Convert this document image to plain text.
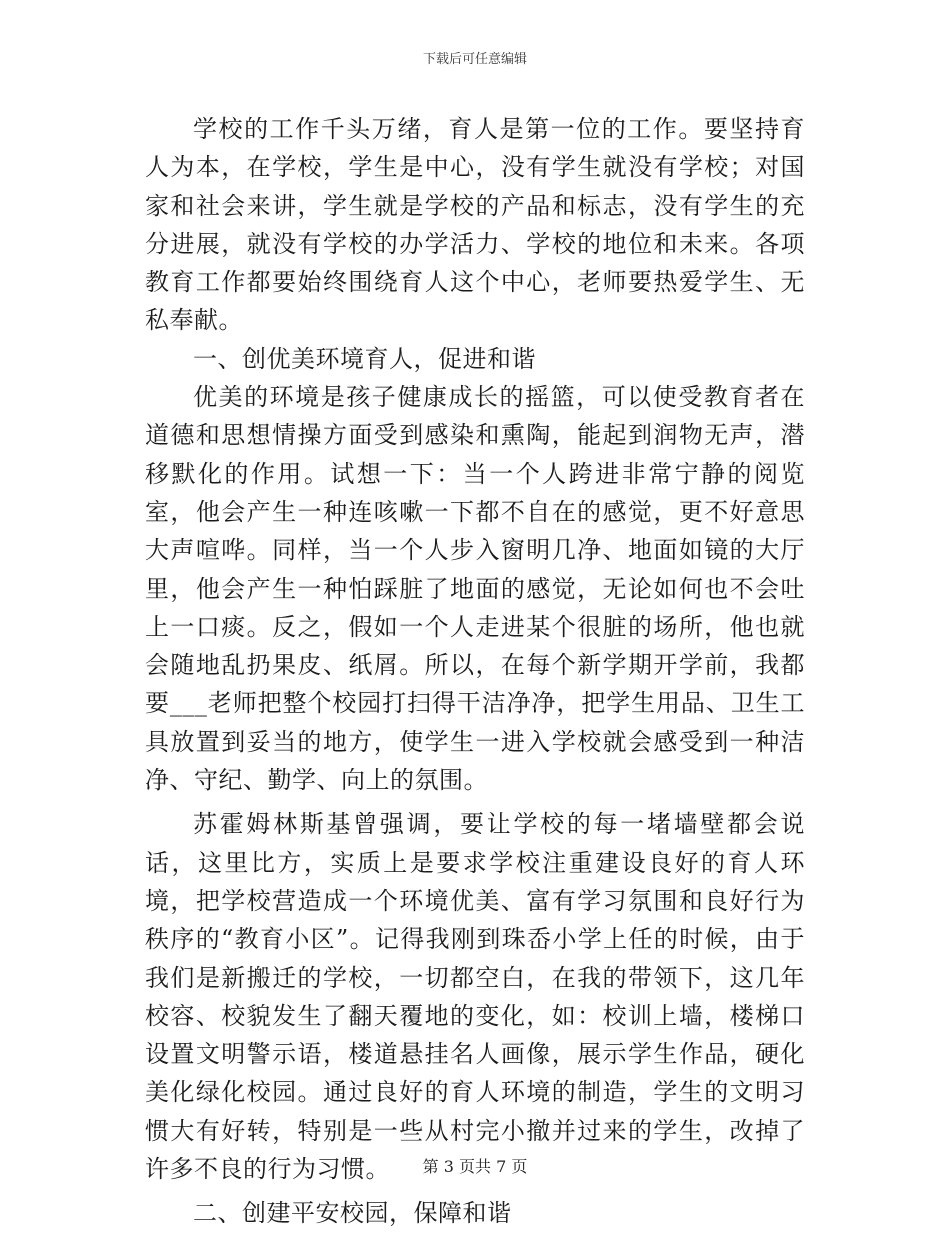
下载后可任意编辑

学校的工作千头万绪，育人是第一位的工作。要坚持育人为本，在学校，学生是中心，没有学生就没有学校；对国家和社会来讲，学生就是学校的产品和标志，没有学生的充分进展，就没有学校的办学活力、学校的地位和未来。各项教育工作都要始终围绕育人这个中心，老师要热爱学生、无私奉献。

一、创优美环境育人，促进和谐

优美的环境是孩子健康成长的摇篮，可以使受教育者在道德和思想情操方面受到感染和熏陶，能起到润物无声，潜移默化的作用。试想一下：当一个人跨进非常宁静的阅览室，他会产生一种连咳嗽一下都不自在的感觉，更不好意思大声喧哗。同样，当一个人步入窗明几净、地面如镜的大厅里，他会产生一种怕踩脏了地面的感觉，无论如何也不会吐上一口痰。反之，假如一个人走进某个很脏的场所，他也就会随地乱扔果皮、纸屑。所以，在每个新学期开学前，我都要___老师把整个校园打扫得干洁净净，把学生用品、卫生工具放置到妥当的地方，使学生一进入学校就会感受到一种洁净、守纪、勤学、向上的氛围。

苏霍姆林斯基曾强调，要让学校的每一堵墙壁都会说话，这里比方，实质上是要求学校注重建设良好的育人环境，把学校营造成一个环境优美、富有学习氛围和良好行为秩序的“教育小区”。记得我刚到珠岙小学上任的时候，由于我们是新搬迁的学校，一切都空白，在我的带领下，这几年校容、校貌发生了翻天覆地的变化，如：校训上墙，楼梯口设置文明警示语，楼道悬挂名人画像，展示学生作品，硬化美化绿化校园。通过良好的育人环境的制造，学生的文明习惯大有好转，特别是一些从村完小撤并过来的学生，改掉了许多不良的行为习惯。

二、创建平安校园，保障和谐

第 3 页共 7 页
